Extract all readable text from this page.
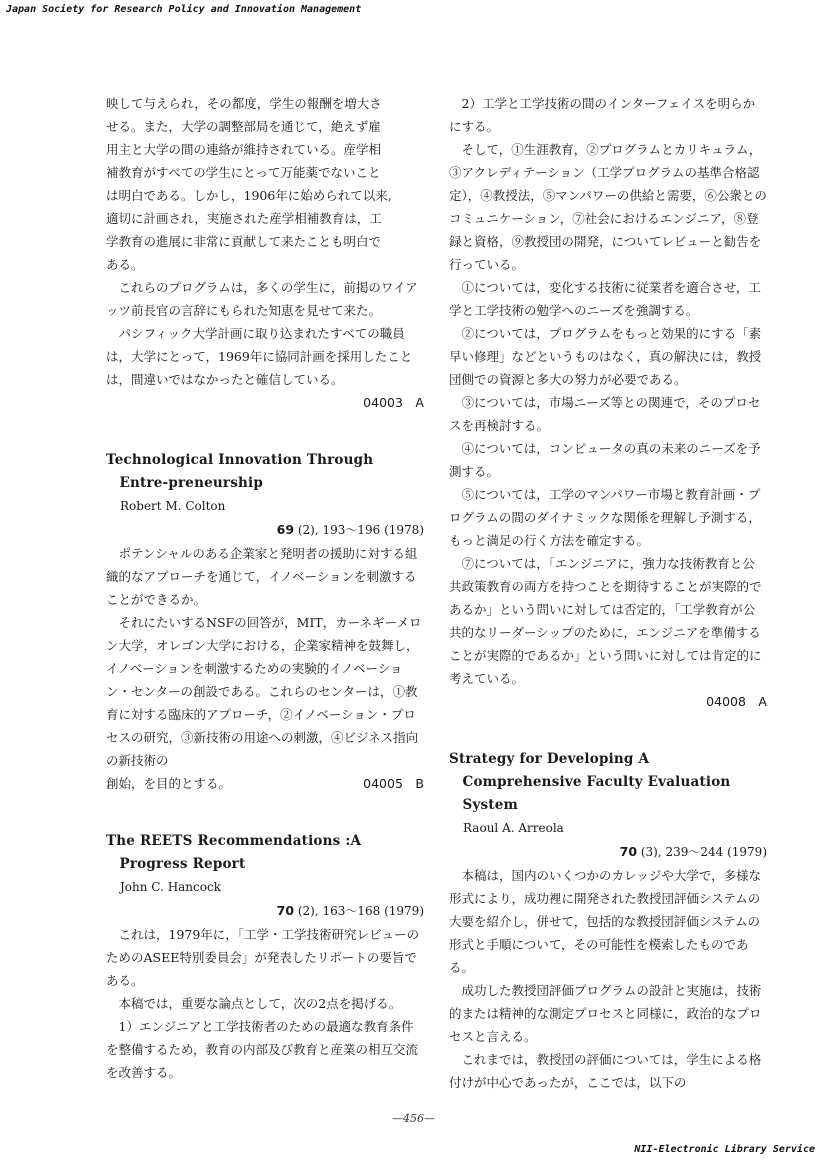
Japan Society for Research Policy and Innovation Management
映して与えられ，その都度，学生の報酬を増大さ
せる。また，大学の調整部局を通じて，絶えず雇
用主と大学の間の連絡が維持されている。産学相
補教育がすべての学生にとって万能薬でないこと
は明白である。しかし，1906年に始められて以来,
適切に計画され，実施された産学相補教育は，工
学教育の進展に非常に貢献して来たことも明白で
ある。

これらのプログラムは，多くの学生に，前掲のワイアッツ前長官の言辞にもられた知恵を見せて来た。

パシフィック大学計画に取り込まれたすべての職員は，大学にとって，1969年に協同計画を採用したことは，間違いではなかったと確信している。

04003　A
Technological Innovation Through Entre-preneurship
Robert M. Colton
69 (2), 193～196 (1978)

ポテンシャルのある企業家と発明者の援助に対する組織的なアプローチを通じて，イノベーションを刺激することができるか。

それにたいするNSFの回答が，MIT，カーネギーメロン大学，オレゴン大学における，企業家精神を鼓舞し，イノベーションを刺激するための実験的イノベーション・センターの創設である。これらのセンターは，①教育に対する臨床的アプローチ，②イノベーション・プロセスの研究，③新技術の用途への刺激，④ビジネス指向の新技術の

創始，を目的とする。	04005　B
The REETS Recommendations :A Progress Report
John C. Hancock
70 (2), 163～168 (1979)

これは，1979年に，「工学・工学技術研究レビューのためのASEE特別委員会」が発表したリポートの要旨である。

本稿では，重要な論点として，次の2点を掲げる。

1）エンジニアと工学技術者のための最適な教育条件を整備するため，教育の内部及び教育と産業の相互交流を改善する。

2）工学と工学技術の間のインターフェイスを明らかにする。

そして，①生涯教育，②プログラムとカリキュラム，③アクレディテーション（工学プログラムの基準合格認定），④教授法，⑤マンパワーの供給と需要，⑥公衆とのコミュニケーション，⑦社会におけるエンジニア，⑧登録と資格，⑨教授団の開発，についてレビューと勧告を行っている。

①については，変化する技術に従業者を適合させ，工学と工学技術の勉学へのニーズを強調する。

②については，プログラムをもっと効果的にする「素早い修理」などというものはなく，真の解決には，教授団側での資源と多大の努力が必要である。

③については，市場ニーズ等との関連で，そのプロセスを再検討する。

④については，コンピュータの真の未来のニーズを予測する。

⑤については，工学のマンパワー市場と教育計画・プログラムの間のダイナミックな関係を理解し予測する，もっと満足の行く方法を確定する。

⑦については，「エンジニアに，強力な技術教育と公共政策教育の両方を持つことを期待することが実際的であるか」という問いに対しては否定的，「工学教育が公共的なリーダーシップのために，エンジニアを準備することが実際的であるか」という問いに対しては肯定的に考えている。

04008　A
Strategy for Developing A Comprehensive Faculty Evaluation System
Raoul A. Arreola
70 (3), 239～244 (1979)

本稿は，国内のいくつかのカレッジや大学で，多様な形式により，成功裡に開発された教授団評価システムの大要を紹介し，併せて，包括的な教授団評価システムの形式と手順について，その可能性を模索したものである。

成功した教授団評価プログラムの設計と実施は，技術的または精神的な測定プロセスと同様に，政治的なプロセスと言える。

これまでは，教授団の評価については，学生による格付けが中心であったが，ここでは，以下の

—456—
NII-Electronic Library Service
